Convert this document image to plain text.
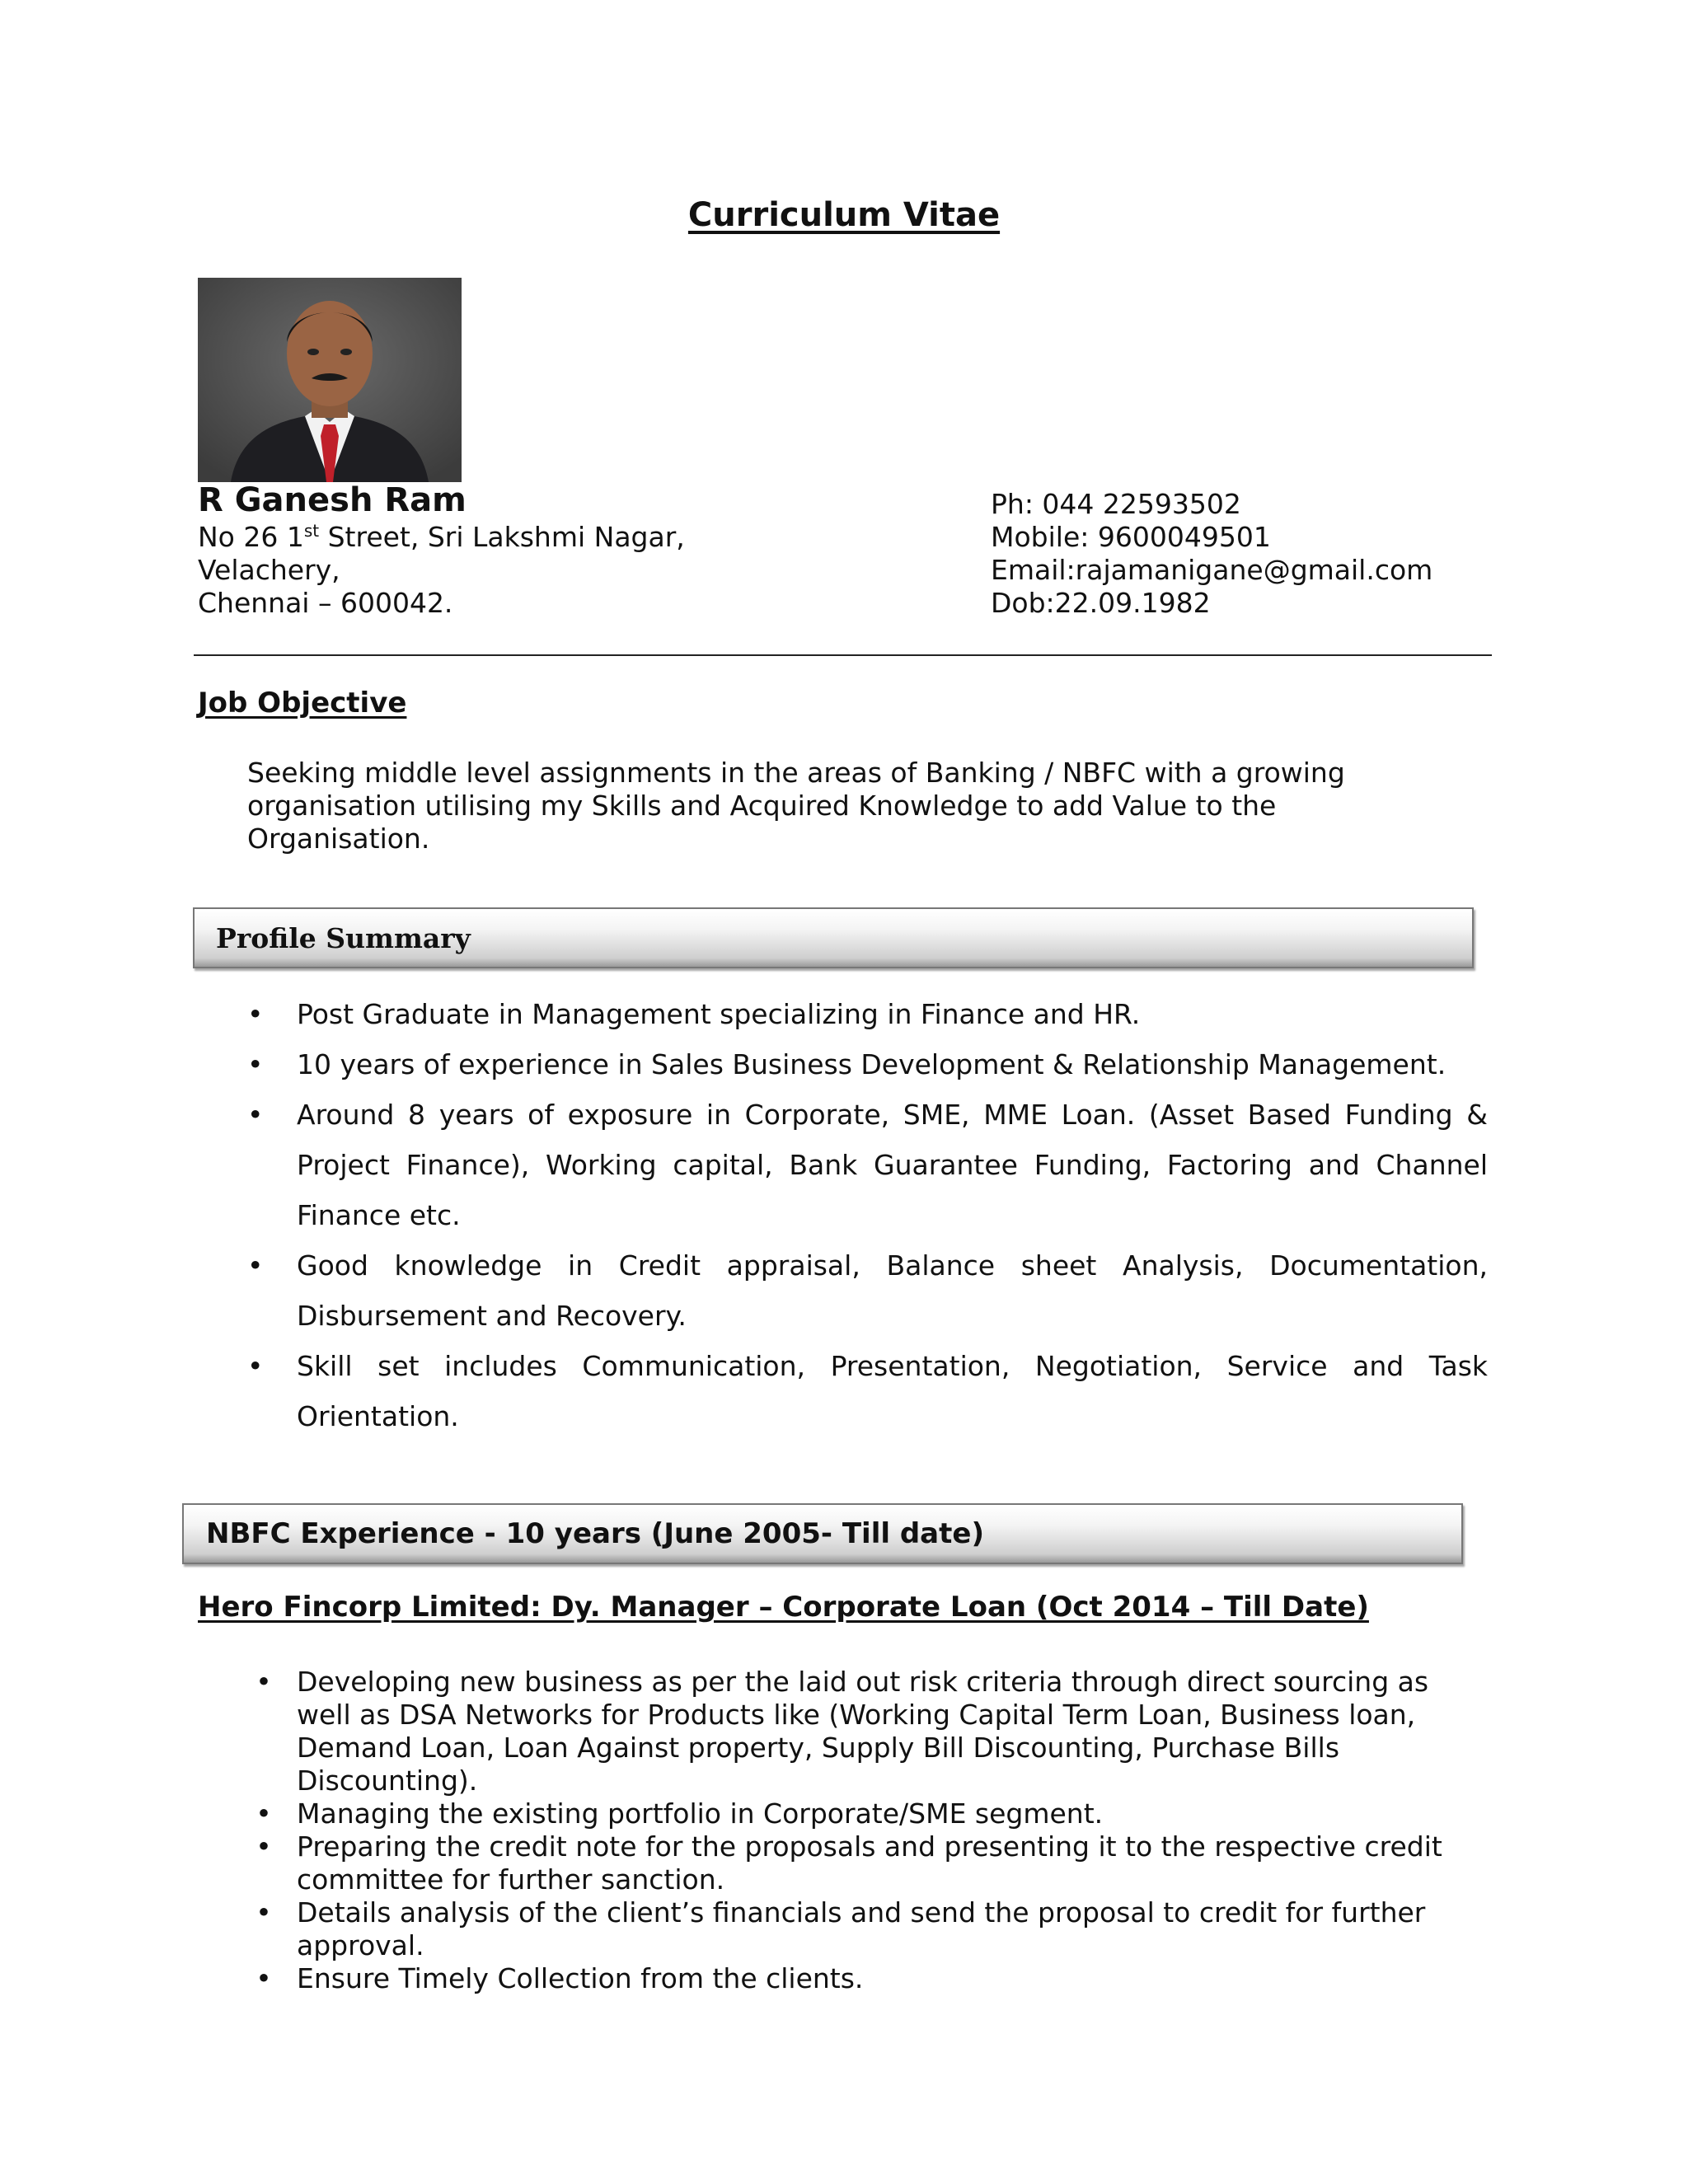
Curriculum Vitae
R Ganesh Ram
No 26 1st Street, Sri Lakshmi Nagar,
Velachery,
Chennai – 600042.
Ph: 044 22593502
Mobile: 9600049501
Email:rajamanigane@gmail.com
Dob:22.09.1982
Job Objective
Seeking middle level assignments in the areas of Banking / NBFC with a growing organisation utilising my Skills and Acquired Knowledge to add Value to the Organisation.
Profile Summary
•	Post Graduate in Management specializing in Finance and HR.
•	10 years of experience in Sales Business Development & Relationship Management.
•	Around 8 years of exposure in Corporate, SME, MME Loan. (Asset Based Funding & Project Finance), Working capital, Bank Guarantee Funding, Factoring and Channel Finance etc.
•	Good knowledge in Credit appraisal, Balance sheet Analysis, Documentation, Disbursement and Recovery.
•	Skill set includes Communication, Presentation, Negotiation, Service and Task Orientation.
NBFC Experience - 10 years (June 2005- Till date)
Hero Fincorp Limited: Dy. Manager – Corporate Loan (Oct 2014 – Till Date)
• Developing new business as per the laid out risk criteria through direct sourcing as well as DSA Networks for Products like (Working Capital Term Loan, Business loan, Demand Loan, Loan Against property, Supply Bill Discounting, Purchase Bills Discounting).
• Managing the existing portfolio in Corporate/SME segment.
• Preparing the credit note for the proposals and presenting it to the respective credit committee for further sanction.
• Details analysis of the client’s financials and send the proposal to credit for further approval.
• Ensure Timely Collection from the clients.
